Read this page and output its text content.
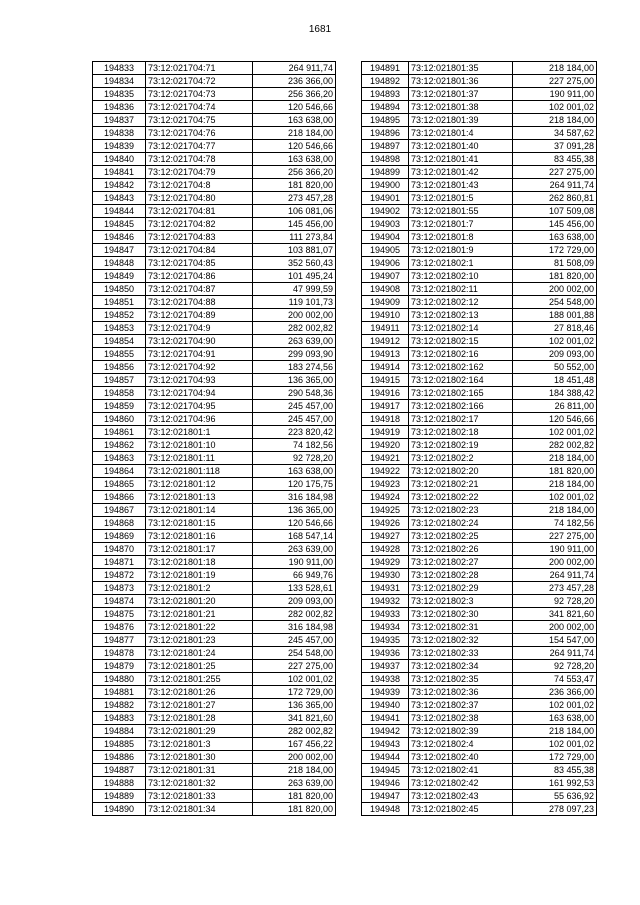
1681
194833	73:12:021704:71	264 911,74
194834	73:12:021704:72	236 366,00
194835	73:12:021704:73	256 366,20
194836	73:12:021704:74	120 546,66
194837	73:12:021704:75	163 638,00
194838	73:12:021704:76	218 184,00
194839	73:12:021704:77	120 546,66
194840	73:12:021704:78	163 638,00
194841	73:12:021704:79	256 366,20
194842	73:12:021704:8	181 820,00
194843	73:12:021704:80	273 457,28
194844	73:12:021704:81	106 081,06
194845	73:12:021704:82	145 456,00
194846	73:12:021704:83	111 273,84
194847	73:12:021704:84	103 881,07
194848	73:12:021704:85	352 560,43
194849	73:12:021704:86	101 495,24
194850	73:12:021704:87	47 999,59
194851	73:12:021704:88	119 101,73
194852	73:12:021704:89	200 002,00
194853	73:12:021704:9	282 002,82
194854	73:12:021704:90	263 639,00
194855	73:12:021704:91	299 093,90
194856	73:12:021704:92	183 274,56
194857	73:12:021704:93	136 365,00
194858	73:12:021704:94	290 548,36
194859	73:12:021704:95	245 457,00
194860	73:12:021704:96	245 457,00
194861	73:12:021801:1	223 820,42
194862	73:12:021801:10	74 182,56
194863	73:12:021801:11	92 728,20
194864	73:12:021801:118	163 638,00
194865	73:12:021801:12	120 175,75
194866	73:12:021801:13	316 184,98
194867	73:12:021801:14	136 365,00
194868	73:12:021801:15	120 546,66
194869	73:12:021801:16	168 547,14
194870	73:12:021801:17	263 639,00
194871	73:12:021801:18	190 911,00
194872	73:12:021801:19	66 949,76
194873	73:12:021801:2	133 528,61
194874	73:12:021801:20	209 093,00
194875	73:12:021801:21	282 002,82
194876	73:12:021801:22	316 184,98
194877	73:12:021801:23	245 457,00
194878	73:12:021801:24	254 548,00
194879	73:12:021801:25	227 275,00
194880	73:12:021801:255	102 001,02
194881	73:12:021801:26	172 729,00
194882	73:12:021801:27	136 365,00
194883	73:12:021801:28	341 821,60
194884	73:12:021801:29	282 002,82
194885	73:12:021801:3	167 456,22
194886	73:12:021801:30	200 002,00
194887	73:12:021801:31	218 184,00
194888	73:12:021801:32	263 639,00
194889	73:12:021801:33	181 820,00
194890	73:12:021801:34	181 820,00
194891	73:12:021801:35	218 184,00
194892	73:12:021801:36	227 275,00
194893	73:12:021801:37	190 911,00
194894	73:12:021801:38	102 001,02
194895	73:12:021801:39	218 184,00
194896	73:12:021801:4	34 587,62
194897	73:12:021801:40	37 091,28
194898	73:12:021801:41	83 455,38
194899	73:12:021801:42	227 275,00
194900	73:12:021801:43	264 911,74
194901	73:12:021801:5	262 860,81
194902	73:12:021801:55	107 509,08
194903	73:12:021801:7	145 456,00
194904	73:12:021801:8	163 638,00
194905	73:12:021801:9	172 729,00
194906	73:12:021802:1	81 508,09
194907	73:12:021802:10	181 820,00
194908	73:12:021802:11	200 002,00
194909	73:12:021802:12	254 548,00
194910	73:12:021802:13	188 001,88
194911	73:12:021802:14	27 818,46
194912	73:12:021802:15	102 001,02
194913	73:12:021802:16	209 093,00
194914	73:12:021802:162	50 552,00
194915	73:12:021802:164	18 451,48
194916	73:12:021802:165	184 388,42
194917	73:12:021802:166	26 811,00
194918	73:12:021802:17	120 546,66
194919	73:12:021802:18	102 001,02
194920	73:12:021802:19	282 002,82
194921	73:12:021802:2	218 184,00
194922	73:12:021802:20	181 820,00
194923	73:12:021802:21	218 184,00
194924	73:12:021802:22	102 001,02
194925	73:12:021802:23	218 184,00
194926	73:12:021802:24	74 182,56
194927	73:12:021802:25	227 275,00
194928	73:12:021802:26	190 911,00
194929	73:12:021802:27	200 002,00
194930	73:12:021802:28	264 911,74
194931	73:12:021802:29	273 457,28
194932	73:12:021802:3	92 728,20
194933	73:12:021802:30	341 821,60
194934	73:12:021802:31	200 002,00
194935	73:12:021802:32	154 547,00
194936	73:12:021802:33	264 911,74
194937	73:12:021802:34	92 728,20
194938	73:12:021802:35	74 553,47
194939	73:12:021802:36	236 366,00
194940	73:12:021802:37	102 001,02
194941	73:12:021802:38	163 638,00
194942	73:12:021802:39	218 184,00
194943	73:12:021802:4	102 001,02
194944	73:12:021802:40	172 729,00
194945	73:12:021802:41	83 455,38
194946	73:12:021802:42	161 992,53
194947	73:12:021802:43	55 636,92
194948	73:12:021802:45	278 097,23
